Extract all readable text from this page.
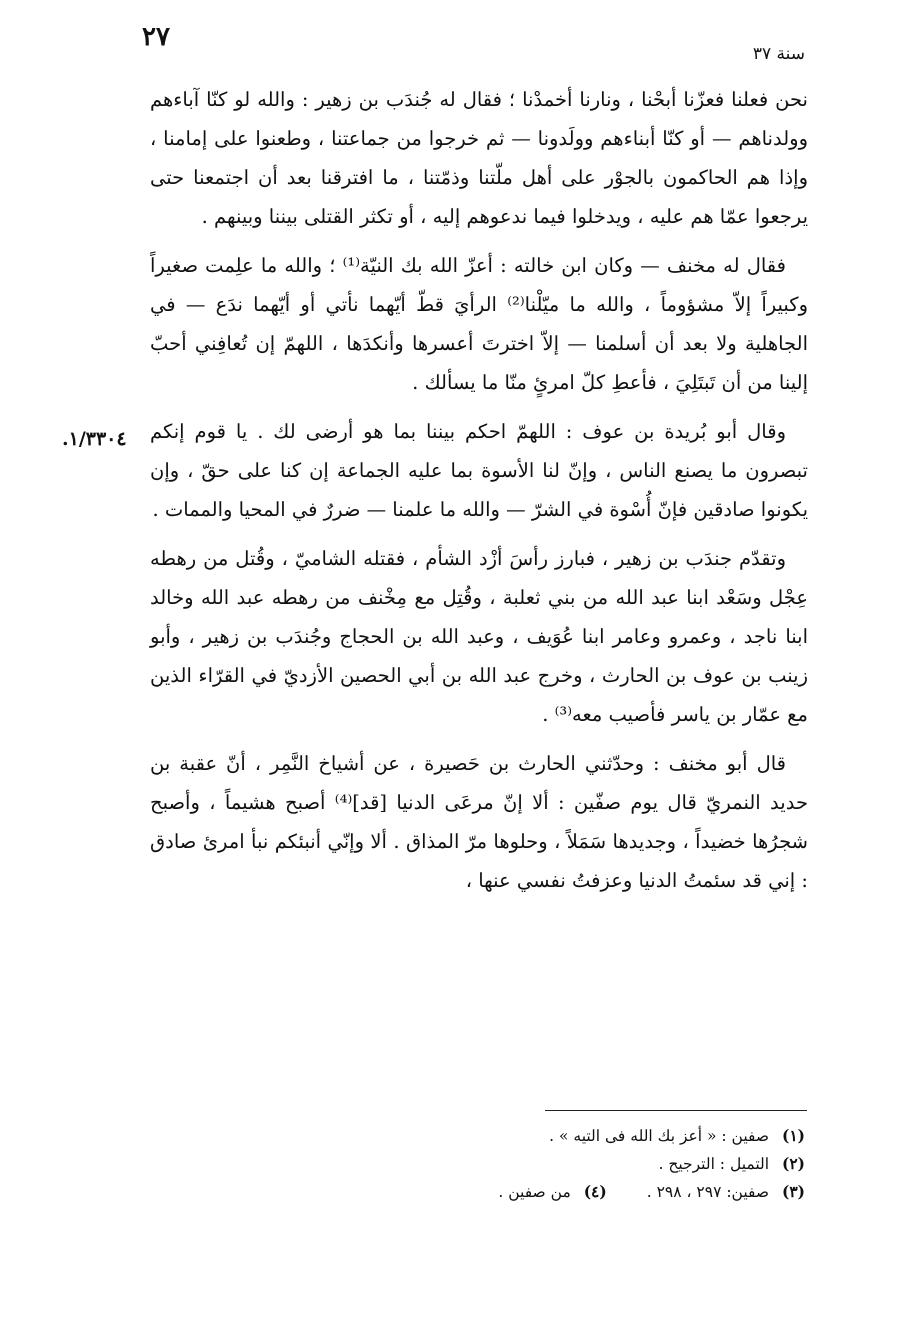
٢٧
سنة ٣٧
١/٣٣٠٤.

نحن فعلنا فعزّنا أبحْنا ، ونارنا أخمدْنا ؛ فقال له جُندَب بن زهير : والله لو كنّا آباءهم وولدناهم — أو كنّا أبناءهم وولَدونا — ثم خرجوا من جماعتنا ، وطعنوا على إمامنا ، وإذا هم الحاكمون بالجوْر على أهل ملّتنا وذمّتنا ، ما افترقنا بعد أن اجتمعنا حتى يرجعوا عمّا هم عليه ، ويدخلوا فيما ندعوهم إليه ، أو تكثر القتلى بيننا وبينهم .

فقال له مخنف — وكان ابن خالته : أعزّ الله بك النيّة⁽¹⁾ ؛ والله ما علِمت صغيراً وكبيراً إلاّ مشؤوماً ، والله ما ميّلْنا⁽²⁾ الرأيَ قطّ أيّهما نأتي أو أيّهما ندَع — في الجاهلية ولا بعد أن أسلمنا — إلاّ اخترتَ أعسرها وأنكدَها ، اللهمّ إن تُعافِني أحبّ إلينا من أن تَبتَلِيَ ، فأعطِ كلّ امرئٍ منّا ما يسألك .

وقال أبو بُريدة بن عوف : اللهمّ احكم بيننا بما هو أرضى لك . يا قوم إنكم تبصرون ما يصنع الناس ، وإنّ لنا الأسوة بما عليه الجماعة إن كنا على حقّ ، وإن يكونوا صادقين فإنّ أُسْوة في الشرّ — والله ما علمنا — ضررٌ في المحيا والممات .

وتقدّم جندَب بن زهير ، فبارز رأسَ أزْد الشأم ، فقتله الشاميّ ، وقُتل من رهطه عِجْل وسَعْد ابنا عبد الله من بني ثعلبة ، وقُتِل مع مِخْنف من رهطه عبد الله وخالد ابنا ناجد ، وعمرو وعامر ابنا عُوَيف ، وعبد الله بن الحجاج وجُندَب بن زهير ، وأبو زينب بن عوف بن الحارث ، وخرج عبد الله بن أبي الحصين الأزديّ في القرّاء الذين مع عمّار بن ياسر فأصيب معه⁽³⁾ .

قال أبو مخنف : وحدّثني الحارث بن حَصيرة ، عن أشياخ النَّمِر ، أنّ عقبة بن حديد النمريّ قال يوم صفّين : ألا إنّ مرعَى الدنيا [قد]⁽⁴⁾ أصبح هشيماً ، وأصبح شجرُها خضيداً ، وجديدها سَمَلاً ، وحلوها مرّ المذاق . ألا وإنّي أنبئكم نبأ امرئ صادق : إني قد سئمتُ الدنيا وعزفتُ نفسي عنها ،

(١) صفين : « أعز بك الله فى التيه » .
(٢) التميل : الترجيح .
(٣) صفين: ٢٩٧ ، ٢٩٨ .
(٤) من صفين .
